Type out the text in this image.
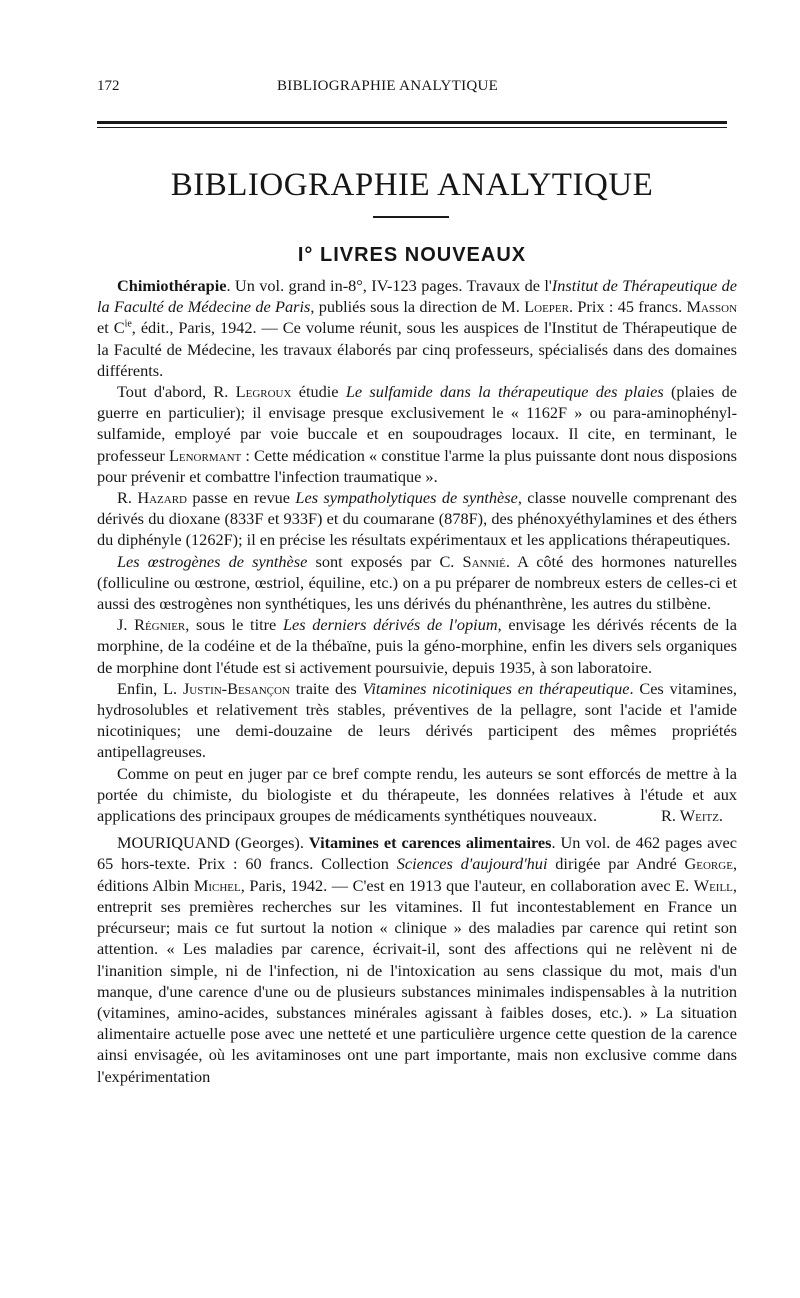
172	BIBLIOGRAPHIE ANALYTIQUE
BIBLIOGRAPHIE ANALYTIQUE
I° LIVRES NOUVEAUX

Chimiothérapie. Un vol. grand in-8°, IV-123 pages. Travaux de l'Institut de Thérapeutique de la Faculté de Médecine de Paris, publiés sous la direction de M. Loeper. Prix : 45 francs. Masson et $C^{ie}$, édit., Paris, 1942. — Ce volume réunit, sous les auspices de l'Institut de Thérapeutique de la Faculté de Médecine, les travaux élaborés par cinq professeurs, spécialisés dans des domaines différents.

Tout d'abord, R. Legroux étudie Le sulfamide dans la thérapeutique des plaies (plaies de guerre en particulier); il envisage presque exclusivement le « 1162F » ou para-aminophényl-sulfamide, employé par voie buccale et en soupoudrages locaux. Il cite, en terminant, le professeur Lenormant : Cette médication « constitue l'arme la plus puissante dont nous disposions pour prévenir et combattre l'infection traumatique ».

R. Hazard passe en revue Les sympatholytiques de synthèse, classe nouvelle comprenant des dérivés du dioxane (833F et 933F) et du coumarane (878F), des phénoxyéthylamines et des éthers du diphényle (1262F); il en précise les résultats expérimentaux et les applications thérapeutiques.

Les œstrogènes de synthèse sont exposés par C. Sannié. A côté des hormones naturelles (folliculine ou œstrone, œstriol, équiline, etc.) on a pu préparer de nombreux esters de celles-ci et aussi des œstrogènes non synthétiques, les uns dérivés du phénanthrène, les autres du stilbène.

J. Régnier, sous le titre Les derniers dérivés de l'opium, envisage les dérivés récents de la morphine, de la codéine et de la thébaïne, puis la géno-morphine, enfin les divers sels organiques de morphine dont l'étude est si activement poursuivie, depuis 1935, à son laboratoire.

Enfin, L. Justin-Besançon traite des Vitamines nicotiniques en thérapeutique. Ces vitamines, hydrosolubles et relativement très stables, préventives de la pellagre, sont l'acide et l'amide nicotiniques; une demi-douzaine de leurs dérivés participent des mêmes propriétés antipellagreuses.

Comme on peut en juger par ce bref compte rendu, les auteurs se sont efforcés de mettre à la portée du chimiste, du biologiste et du thérapeute, les données relatives à l'étude et aux applications des principaux groupes de médicaments synthétiques nouveaux.	R. Weitz.

MOURIQUAND (Georges). Vitamines et carences alimentaires. Un vol. de 462 pages avec 65 hors-texte. Prix : 60 francs. Collection Sciences d'aujourd'hui dirigée par André George, éditions Albin Michel, Paris, 1942. — C'est en 1913 que l'auteur, en collaboration avec E. Weill, entreprit ses premières recherches sur les vitamines. Il fut incontestablement en France un précurseur; mais ce fut surtout la notion « clinique » des maladies par carence qui retint son attention. « Les maladies par carence, écrivait-il, sont des affections qui ne relèvent ni de l'inanition simple, ni de l'infection, ni de l'intoxication au sens classique du mot, mais d'un manque, d'une carence d'une ou de plusieurs substances minimales indispensables à la nutrition (vitamines, amino-acides, substances minérales agissant à faibles doses, etc.). » La situation alimentaire actuelle pose avec une netteté et une particulière urgence cette question de la carence ainsi envisagée, où les avitaminoses ont une part importante, mais non exclusive comme dans l'expérimentation
